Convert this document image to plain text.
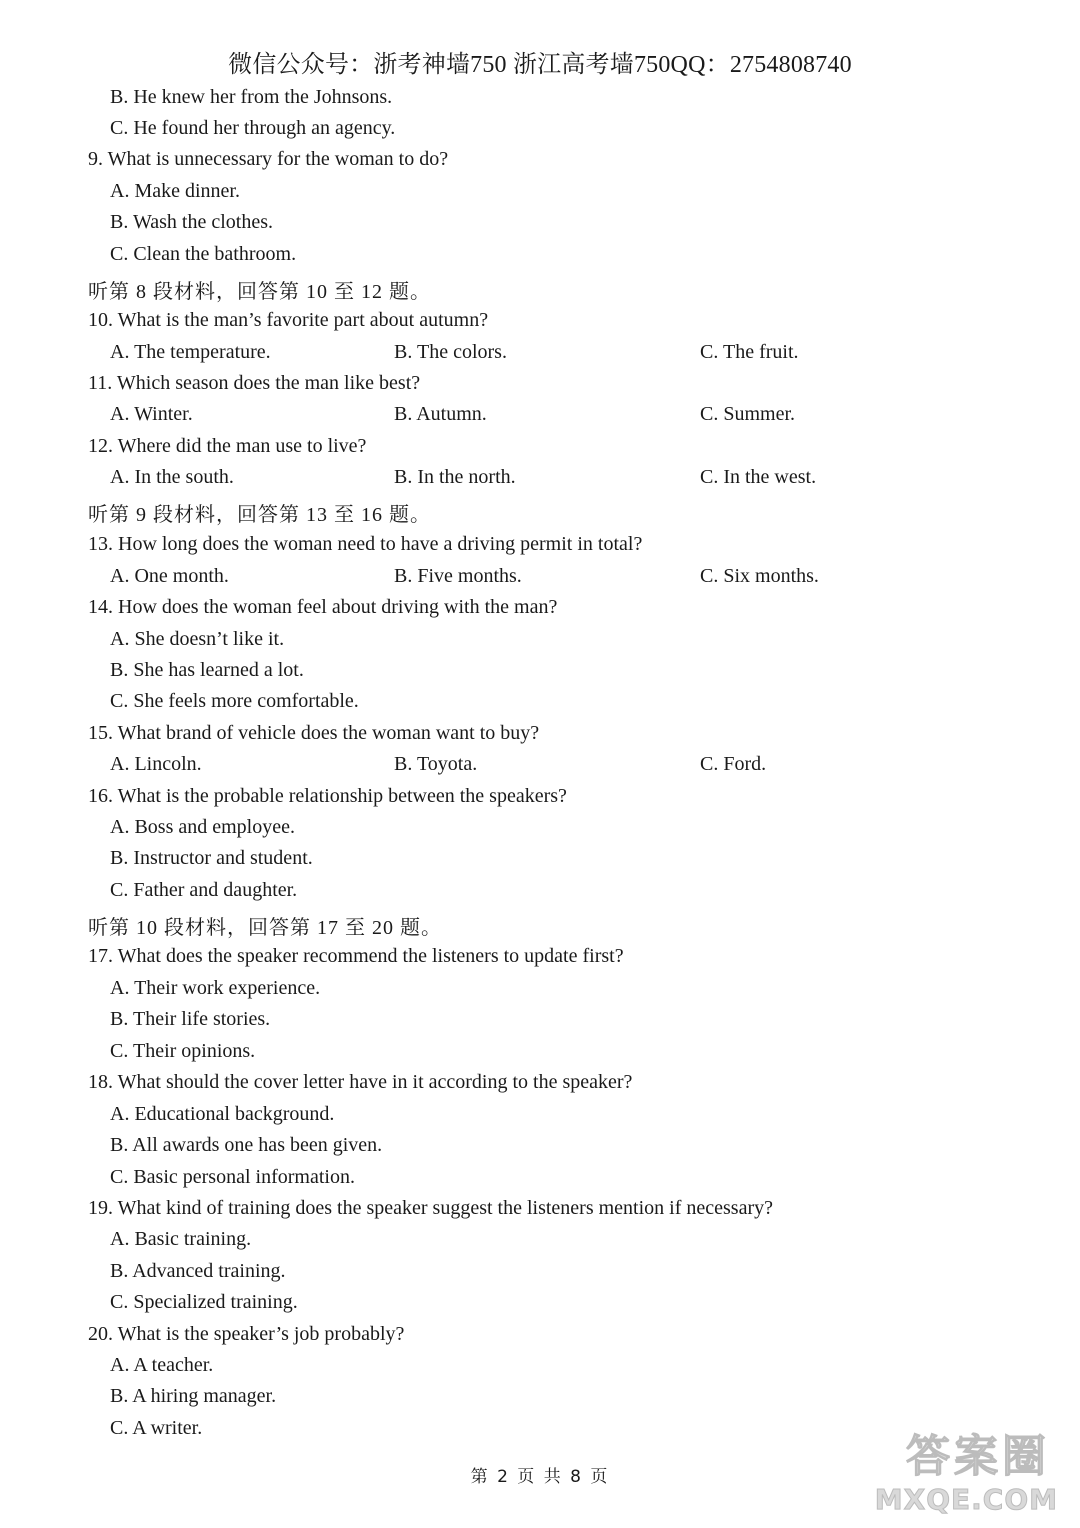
微信公众号：浙考神墙750 浙江高考墙750QQ：2754808740
B. He knew her from the Johnsons.
C. He found her through an agency.
9. What is unnecessary for the woman to do?
A. Make dinner.
B. Wash the clothes.
C. Clean the bathroom.
听第 8 段材料，回答第 10 至 12 题。
10. What is the man’s favorite part about autumn?
A. The temperature.	B. The colors.	C. The fruit.
11. Which season does the man like best?
A. Winter.	B. Autumn.	C. Summer.
12. Where did the man use to live?
A. In the south.	B. In the north.	C. In the west.
听第 9 段材料，回答第 13 至 16 题。
13. How long does the woman need to have a driving permit in total?
A. One month.	B. Five months.	C. Six months.
14. How does the woman feel about driving with the man?
A. She doesn’t like it.
B. She has learned a lot.
C. She feels more comfortable.
15. What brand of vehicle does the woman want to buy?
A. Lincoln.	B. Toyota.	C. Ford.
16. What is the probable relationship between the speakers?
A. Boss and employee.
B. Instructor and student.
C. Father and daughter.
听第 10 段材料，回答第 17 至 20 题。
17. What does the speaker recommend the listeners to update first?
A. Their work experience.
B. Their life stories.
C. Their opinions.
18. What should the cover letter have in it according to the speaker?
A. Educational background.
B. All awards one has been given.
C. Basic personal information.
19. What kind of training does the speaker suggest the listeners mention if necessary?
A. Basic training.
B. Advanced training.
C. Specialized training.
20. What is the speaker’s job probably?
A. A teacher.
B. A hiring manager.
C. A writer.
第 2 页 共 8 页	答案圈
MXQE.COM
